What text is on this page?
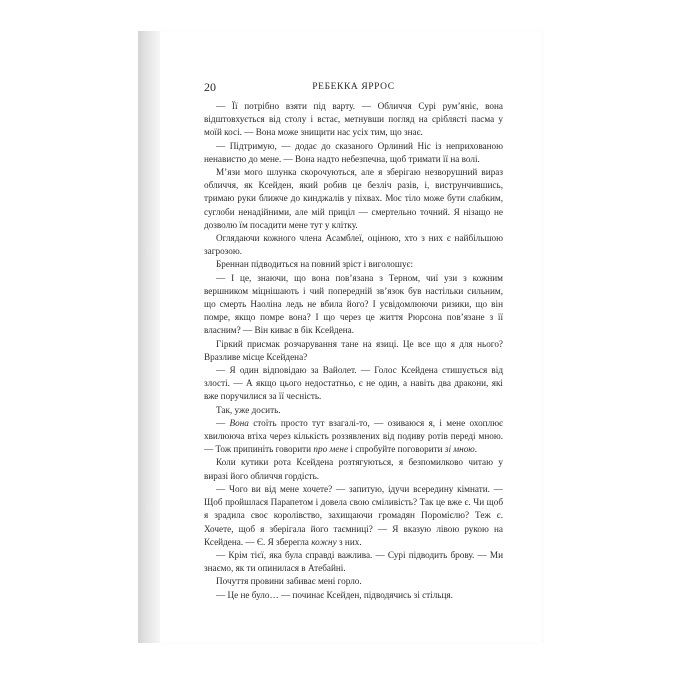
20	РЕБЕККА ЯРРОС

— Її потрібно взяти під варту. — Обличчя Сурі рум’яніє, вона відштовхується від столу і встає, метнувши погляд на сріблясті пасма у моїй косі. — Вона може знищити нас усіх тим, що знає.

— Підтримую, — додає до сказаного Орлиний Ніс із неприхованою ненавистю до мене. — Вона надто небезпечна, щоб тримати її на волі.

М’язи мого шлунка скорочуються, але я зберігаю незворушний вираз обличчя, як Ксейден, який робив це безліч разів, і, виструнчившись, тримаю руки ближче до кинджалів у піхвах. Моє тіло може бути слабким, суглоби ненадійними, але мій приціл — смертельно точний. Я нізащо не дозволю їм посадити мене тут у клітку.

Оглядаючи кожного члена Асамблеї, оцінюю, хто з них є найбільшою загрозою.

Бреннан підводиться на повний зріст і виголошує:

— І це, знаючи, що вона пов’язана з Терном, чиї узи з кожним вершником міцнішають і чий попередній зв’язок був настільки сильним, що смерть Наоліна ледь не вбила його? І усвідомлюючи ризики, що він помре, якщо помре вона? І що через це життя Рюрсона пов’язане з її власним? — Він киває в бік Ксейдена.

Гіркий присмак розчарування тане на язиці. Це все що я для нього? Вразливе місце Ксейдена?

— Я один відповідаю за Вайолет. — Голос Ксейдена стишується від злості. — А якщо цього недостатньо, є не один, а навіть два дракони, які вже поручилися за її чесність.

Так, уже досить.

— Вона стоїть просто тут взагалі-то, — озиваюся я, і мене охоплює хвилююча втіха через кількість роззявлених від подиву ротів переді мною. — Тож припиніть говорити про мене і спробуйте поговорити зі мною.

Коли кутики рота Ксейдена розтягуються, я безпомилково читаю у виразі його обличчя гордість.

— Чого ви від мене хочете? — запитую, ідучи всередину кімнати. — Щоб пройшлася Парапетом і довела свою сміливість? Так це вже є. Чи щоб я зрадила своє королівство, захищаючи громадян Поромієлю? Теж є. Хочете, щоб я зберігала його таємниці? — Я вказую лівою рукою на Ксейдена. — Є. Я зберегла кожну з них.

— Крім тієї, яка була справді важлива. — Сурі підводить брову. — Ми знаємо, як ти опинилася в Атебайні.

Почуття провини забиває мені горло.

— Це не було… — починає Ксейден, підводячись зі стільця.
